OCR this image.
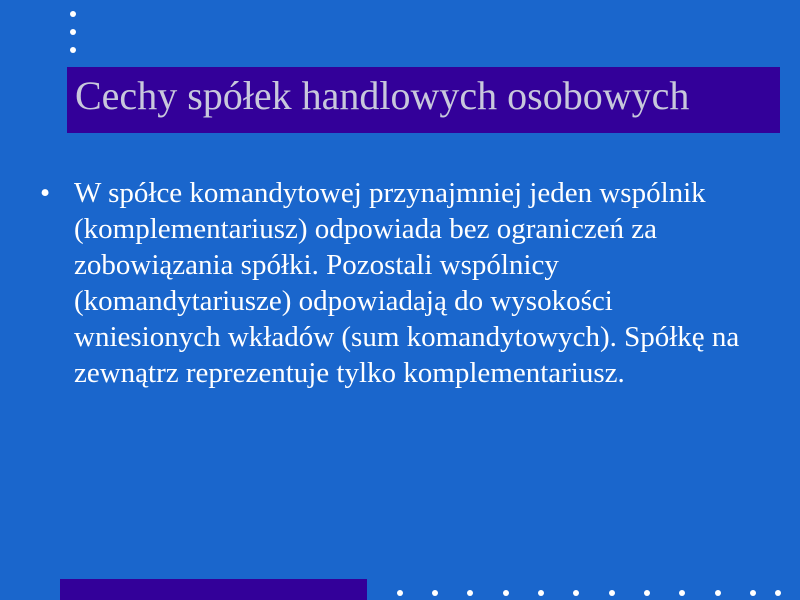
Cechy spółek handlowych osobowych
• W spółce komandytowej przynajmniej jeden wspólnik (komplementariusz) odpowiada bez ograniczeń za zobowiązania spółki. Pozostali wspólnicy (komandytariusze) odpowiadają do wysokości wniesionych wkładów (sum komandytowych). Spółkę na zewnątrz reprezentuje tylko komplementariusz.
